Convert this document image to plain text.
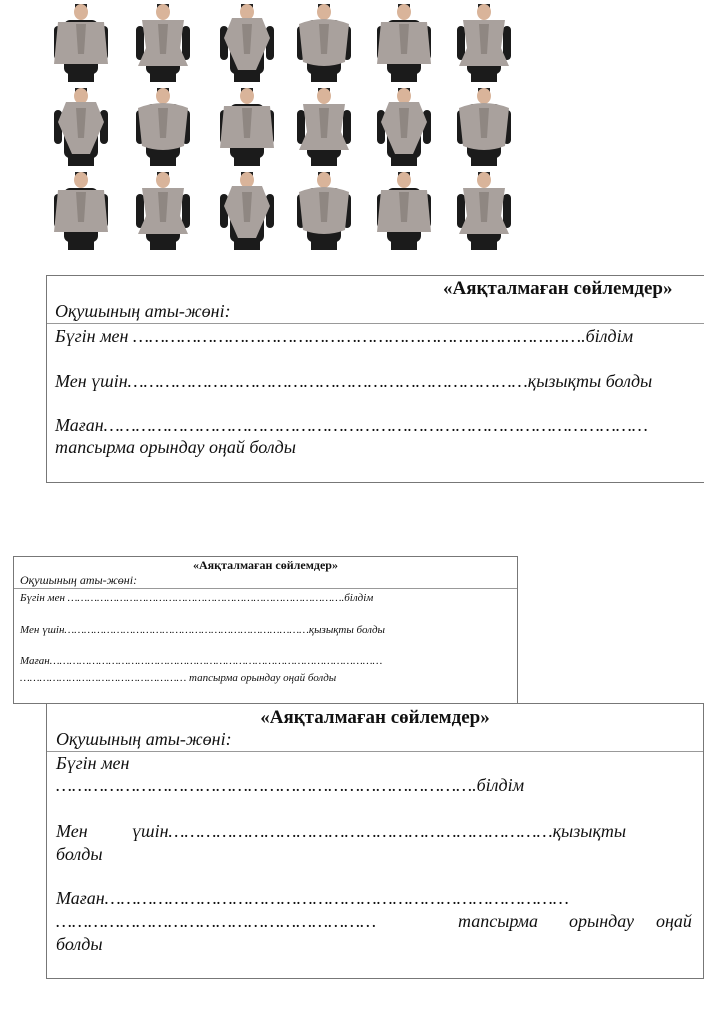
«Аяқталмаған сөйлемдер»
Оқушының аты-жөні:
Бүгін мен ………………………………………………………………………….білдім
Мен үшін…………………………………………………………………қызықты болды
Маған…………………………………………………………………………………………
тапсырма орындау оңай болды
«Аяқталмаған сөйлемдер»
Оқушының аты-жөні:
Бүгін мен ………………………………………………………………………….білдім
Мен үшін…………………………………………………………………қызықты болды
Маған…………………………………………………………………………………………
…………………………………………… тапсырма орындау оңай болды
«Аяқталмаған сөйлемдер»
Оқушының аты-жөні:
Бүгін мен
…………………………………………………………………….білдім
Мен үшін………………………………………………………………қызықты
болды
Маған……………………………………………………………………………
……………………………………………………	тапсырма орындау оңай
болды
